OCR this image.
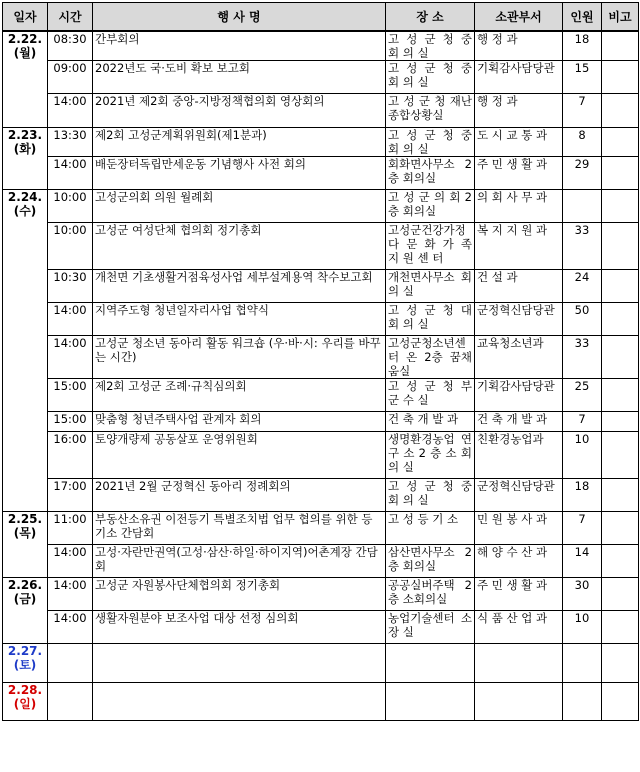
일자	시간	행 사 명	장 소	소관부서	인원	비고

2.22.
(월)	08:30	간부회의	고 성 군 청 중 회 의 실	행 정 과	18	
	09:00	2022년도 국·도비 확보 보고회	고 성 군 청 중 회 의 실	기획감사담당관	15	
	14:00	2021년 제2회 중앙-지방정책협의회 영상회의	고 성 군 청 재난종합상황실	행 정 과	7	

2.23.
(화)	13:30	제2회 고성군계획위원회(제1분과)	고 성 군 청 중 회 의 실	도 시 교 통 과	8	
	14:00	배둔장터독립만세운동 기념행사 사전 회의	회화면사무소 2층 회의실	주 민 생 활 과	29	

2.24.
(수)	10:00	고성군의회 의원 월례회	고 성 군 의 회 2층 회의실	의 회 사 무 과		
	10:00	고성군 여성단체 협의회 정기총회	고성군건강가정 다 문 화 가 족 지 원 센 터	복 지 지 원 과	33	
	10:30	개천면 기초생활거점육성사업 세부설계용역 착수보고회	개천면사무소 회 의 실	건 설 과	24	
	14:00	지역주도형 청년일자리사업 협약식	고 성 군 청 대 회 의 실	군정혁신담당관	50	
	14:00	고성군 청소년 동아리 활동 워크숍 (우·바·시: 우리를 바꾸는 시간)	고성군청소년센터 온 2층 꿈채움실	교육청소년과	33	
	15:00	제2회 고성군 조례·규칙심의회	고 성 군 청 부 군 수 실	기획감사담당관	25	
	15:00	맞춤형 청년주택사업 관계자 회의	건 축 개 발 과	건 축 개 발 과	7	
	16:00	토양개량제 공동살포 운영위원회	생명환경농업 연 구 소 2 층 소 회 의 실	친환경농업과	10	
	17:00	2021년 2월 군정혁신 동아리 정례회의	고 성 군 청 중 회 의 실	군정혁신담당관	18	

2.25.
(목)	11:00	부동산소유권 이전등기 특별조치법 업무 협의를 위한 등기소 간담회	고 성 등 기 소	민 원 봉 사 과	7	
	14:00	고성·자란만권역(고성·삼산·하일·하이지역)어촌계장 간담회	삼산면사무소 2층 회의실	해 양 수 산 과	14	

2.26.
(금)	14:00	고성군 자원봉사단체협의회 정기총회	공공실버주택 2 층 소회의실	주 민 생 활 과	30	
	14:00	생활자원분야 보조사업 대상 선정 심의회	농업기술센터 소 장 실	식 품 산 업 과	10	

2.27.
(토)						

2.28.
(일)						
